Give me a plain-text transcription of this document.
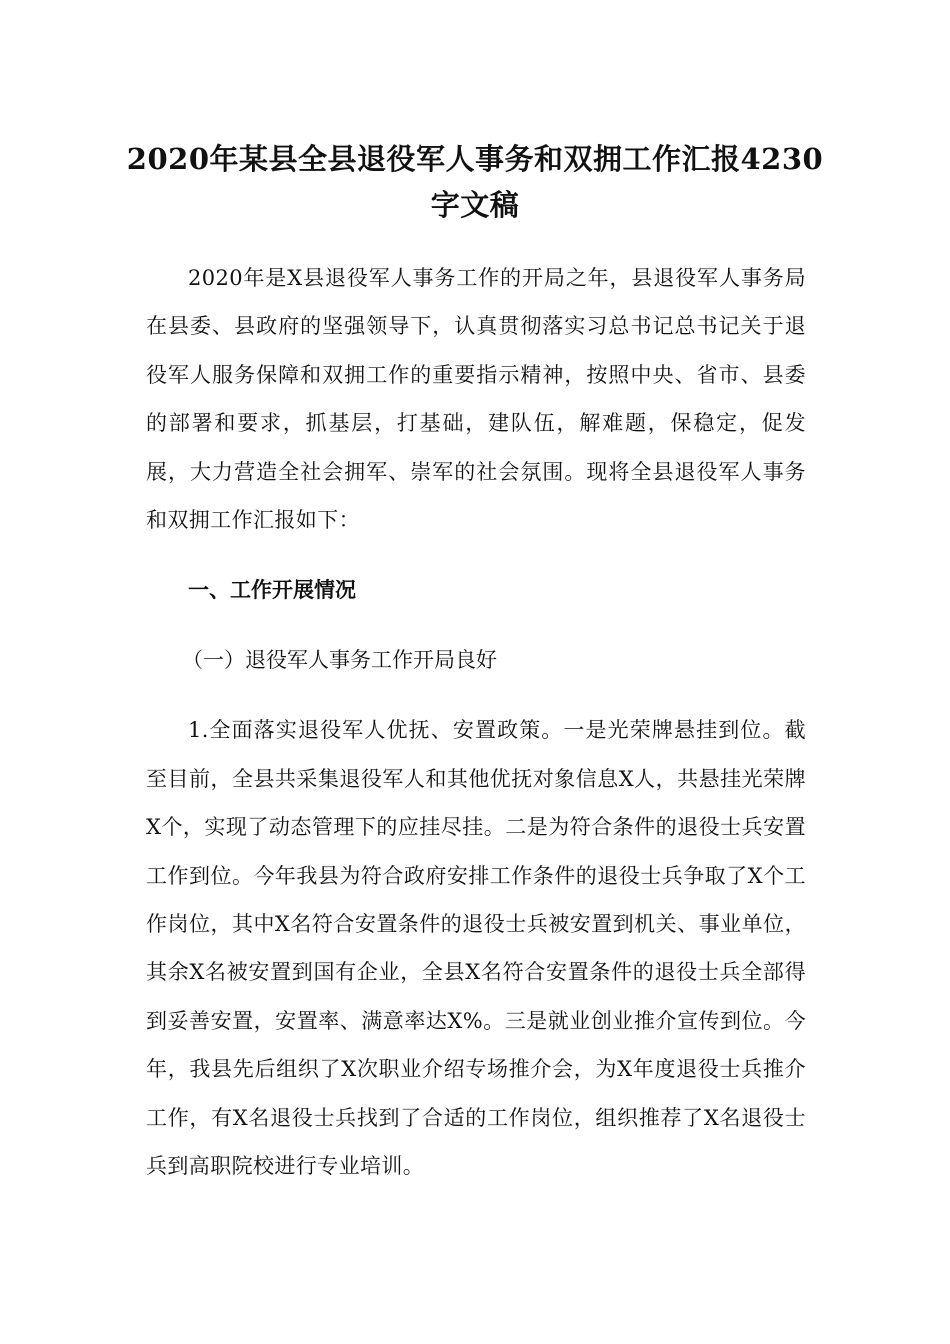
2020年某县全县退役军人事务和双拥工作汇报4230字文稿

2020年是X县退役军人事务工作的开局之年，县退役军人事务局在县委、县政府的坚强领导下，认真贯彻落实习总书记总书记关于退役军人服务保障和双拥工作的重要指示精神，按照中央、省市、县委的部署和要求，抓基层，打基础，建队伍，解难题，保稳定，促发展，大力营造全社会拥军、崇军的社会氛围。现将全县退役军人事务和双拥工作汇报如下：

一、工作开展情况

（一）退役军人事务工作开局良好

1.全面落实退役军人优抚、安置政策。一是光荣牌悬挂到位。截至目前，全县共采集退役军人和其他优抚对象信息X人，共悬挂光荣牌X个，实现了动态管理下的应挂尽挂。二是为符合条件的退役士兵安置工作到位。今年我县为符合政府安排工作条件的退役士兵争取了X个工作岗位，其中X名符合安置条件的退役士兵被安置到机关、事业单位，其余X名被安置到国有企业，全县X名符合安置条件的退役士兵全部得到妥善安置，安置率、满意率达X%。三是就业创业推介宣传到位。今年，我县先后组织了X次职业介绍专场推介会，为X年度退役士兵推介工作，有X名退役士兵找到了合适的工作岗位，组织推荐了X名退役士兵到高职院校进行专业培训。
